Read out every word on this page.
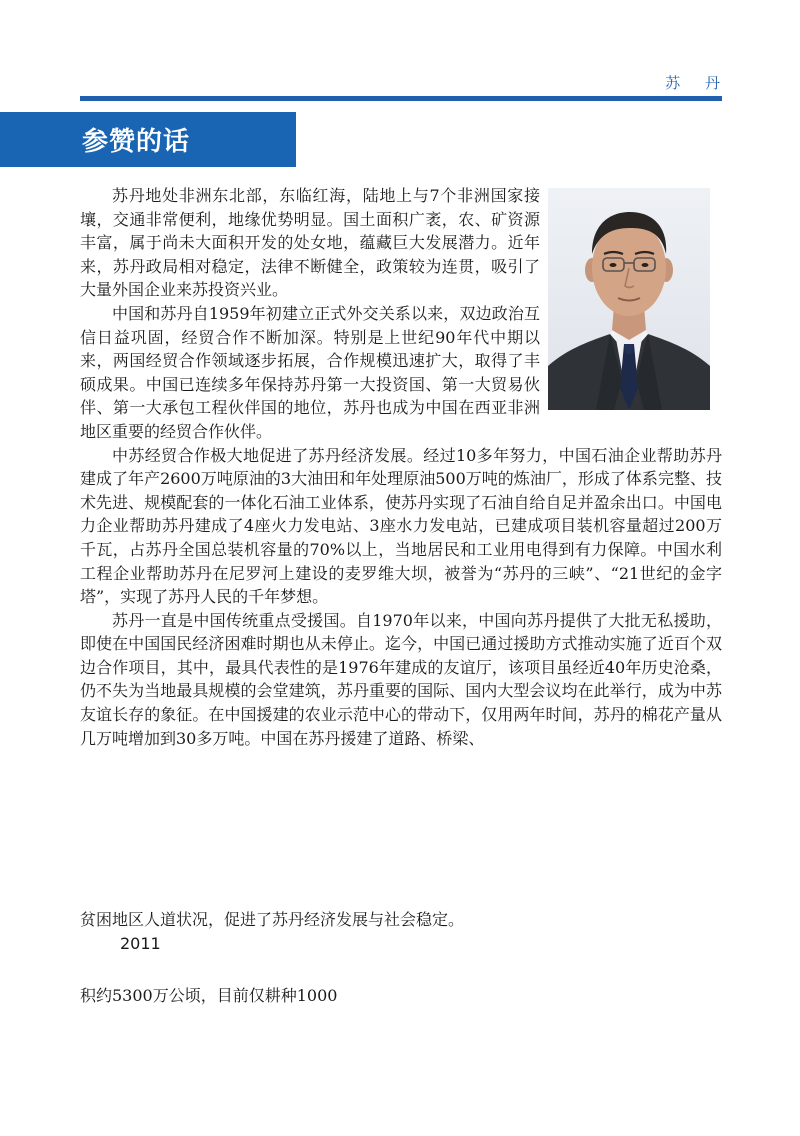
苏 丹
参赞的话

苏丹地处非洲东北部，东临红海，陆地上与7个非洲国家接壤，交通非常便利，地缘优势明显。国土面积广袤，农、矿资源丰富，属于尚未大面积开发的处女地，蕴藏巨大发展潜力。近年来，苏丹政局相对稳定，法律不断健全，政策较为连贯，吸引了大量外国企业来苏投资兴业。

中国和苏丹自1959年初建立正式外交关系以来，双边政治互信日益巩固，经贸合作不断加深。特别是上世纪90年代中期以来，两国经贸合作领域逐步拓展，合作规模迅速扩大，取得了丰硕成果。中国已连续多年保持苏丹第一大投资国、第一大贸易伙伴、第一大承包工程伙伴国的地位，苏丹也成为中国在西亚非洲地区重要的经贸合作伙伴。

中苏经贸合作极大地促进了苏丹经济发展。经过10多年努力，中国石油企业帮助苏丹建成了年产2600万吨原油的3大油田和年处理原油500万吨的炼油厂，形成了体系完整、技术先进、规模配套的一体化石油工业体系，使苏丹实现了石油自给自足并盈余出口。中国电力企业帮助苏丹建成了4座火力发电站、3座水力发电站，已建成项目装机容量超过200万千瓦，占苏丹全国总装机容量的70%以上，当地居民和工业用电得到有力保障。中国水利工程企业帮助苏丹在尼罗河上建设的麦罗维大坝，被誉为“苏丹的三峡”、“21世纪的金字塔”，实现了苏丹人民的千年梦想。

苏丹一直是中国传统重点受援国。自1970年以来，中国向苏丹提供了大批无私援助，即使在中国国民经济困难时期也从未停止。迄今，中国已通过援助方式推动实施了近百个双边合作项目，其中，最具代表性的是1976年建成的友谊厅，该项目虽经近40年历史沧桑，仍不失为当地最具规模的会堂建筑，苏丹重要的国际、国内大型会议均在此举行，成为中苏友谊长存的象征。在中国援建的农业示范中心的带动下，仅用两年时间，苏丹的棉花产量从几万吨增加到30多万吨。中国在苏丹援建了道路、桥梁、

贫困地区人道状况，促进了苏丹经济发展与社会稳定。

2011

积约5300万公顷，目前仅耕种1000
